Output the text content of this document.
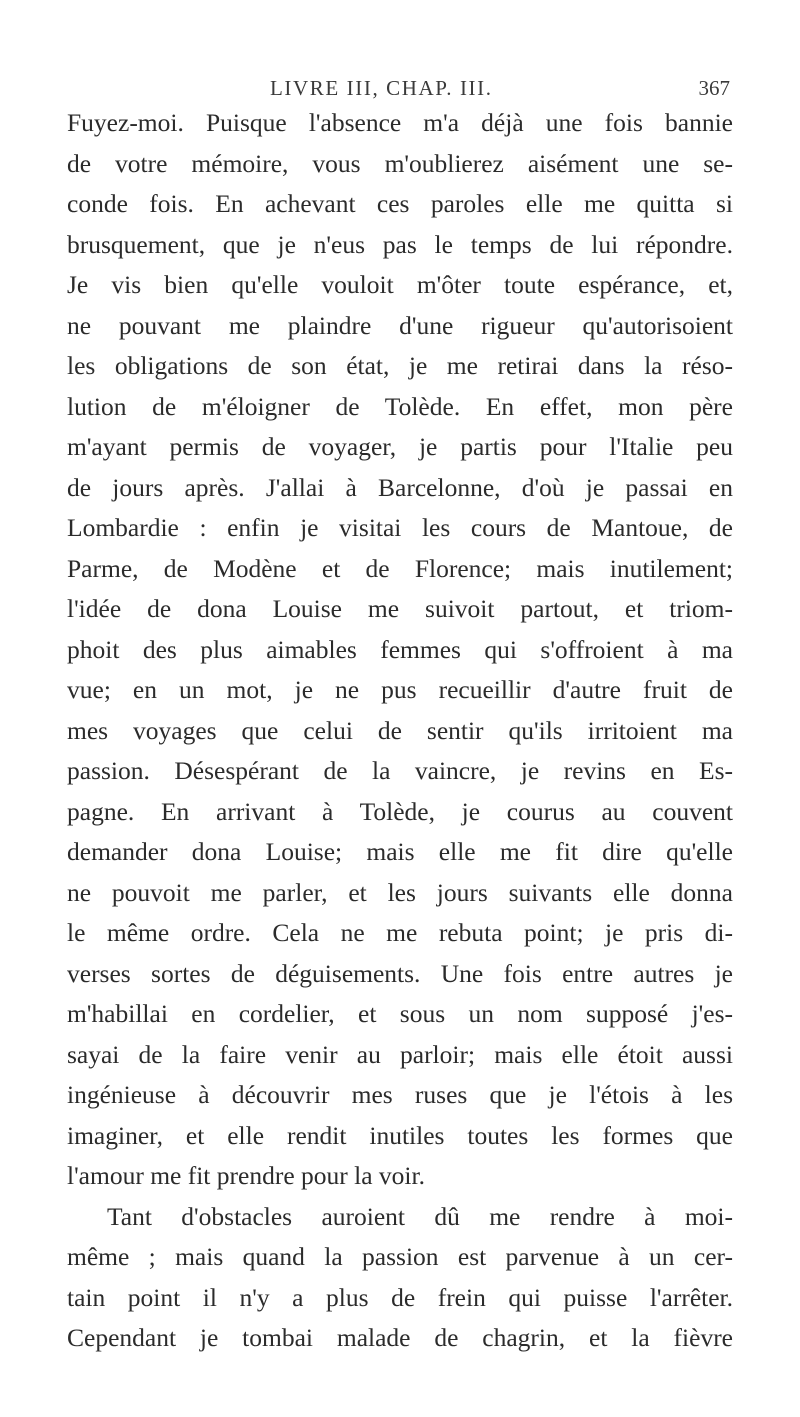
LIVRE III, CHAP. III.	367
Fuyez-moi. Puisque l'absence m'a déjà une fois bannie
de votre mémoire, vous m'oublierez aisément une se-
conde fois. En achevant ces paroles elle me quitta si
brusquement, que je n'eus pas le temps de lui répondre.
Je vis bien qu'elle vouloit m'ôter toute espérance, et,
ne pouvant me plaindre d'une rigueur qu'autorisoient
les obligations de son état, je me retirai dans la réso-
lution de m'éloigner de Tolède. En effet, mon père
m'ayant permis de voyager, je partis pour l'Italie peu
de jours après. J'allai à Barcelonne, d'où je passai en
Lombardie : enfin je visitai les cours de Mantoue, de
Parme, de Modène et de Florence; mais inutilement;
l'idée de dona Louise me suivoit partout, et triom-
phoit des plus aimables femmes qui s'offroient à ma
vue; en un mot, je ne pus recueillir d'autre fruit de
mes voyages que celui de sentir qu'ils irritoient ma
passion. Désespérant de la vaincre, je revins en Es-
pagne. En arrivant à Tolède, je courus au couvent
demander dona Louise; mais elle me fit dire qu'elle
ne pouvoit me parler, et les jours suivants elle donna
le même ordre. Cela ne me rebuta point; je pris di-
verses sortes de déguisements. Une fois entre autres je
m'habillai en cordelier, et sous un nom supposé j'es-
sayai de la faire venir au parloir; mais elle étoit aussi
ingénieuse à découvrir mes ruses que je l'étois à les
imaginer, et elle rendit inutiles toutes les formes que
l'amour me fit prendre pour la voir.
Tant d'obstacles auroient dû me rendre à moi-
même ; mais quand la passion est parvenue à un cer-
tain point il n'y a plus de frein qui puisse l'arrêter.
Cependant je tombai malade de chagrin, et la fièvre
